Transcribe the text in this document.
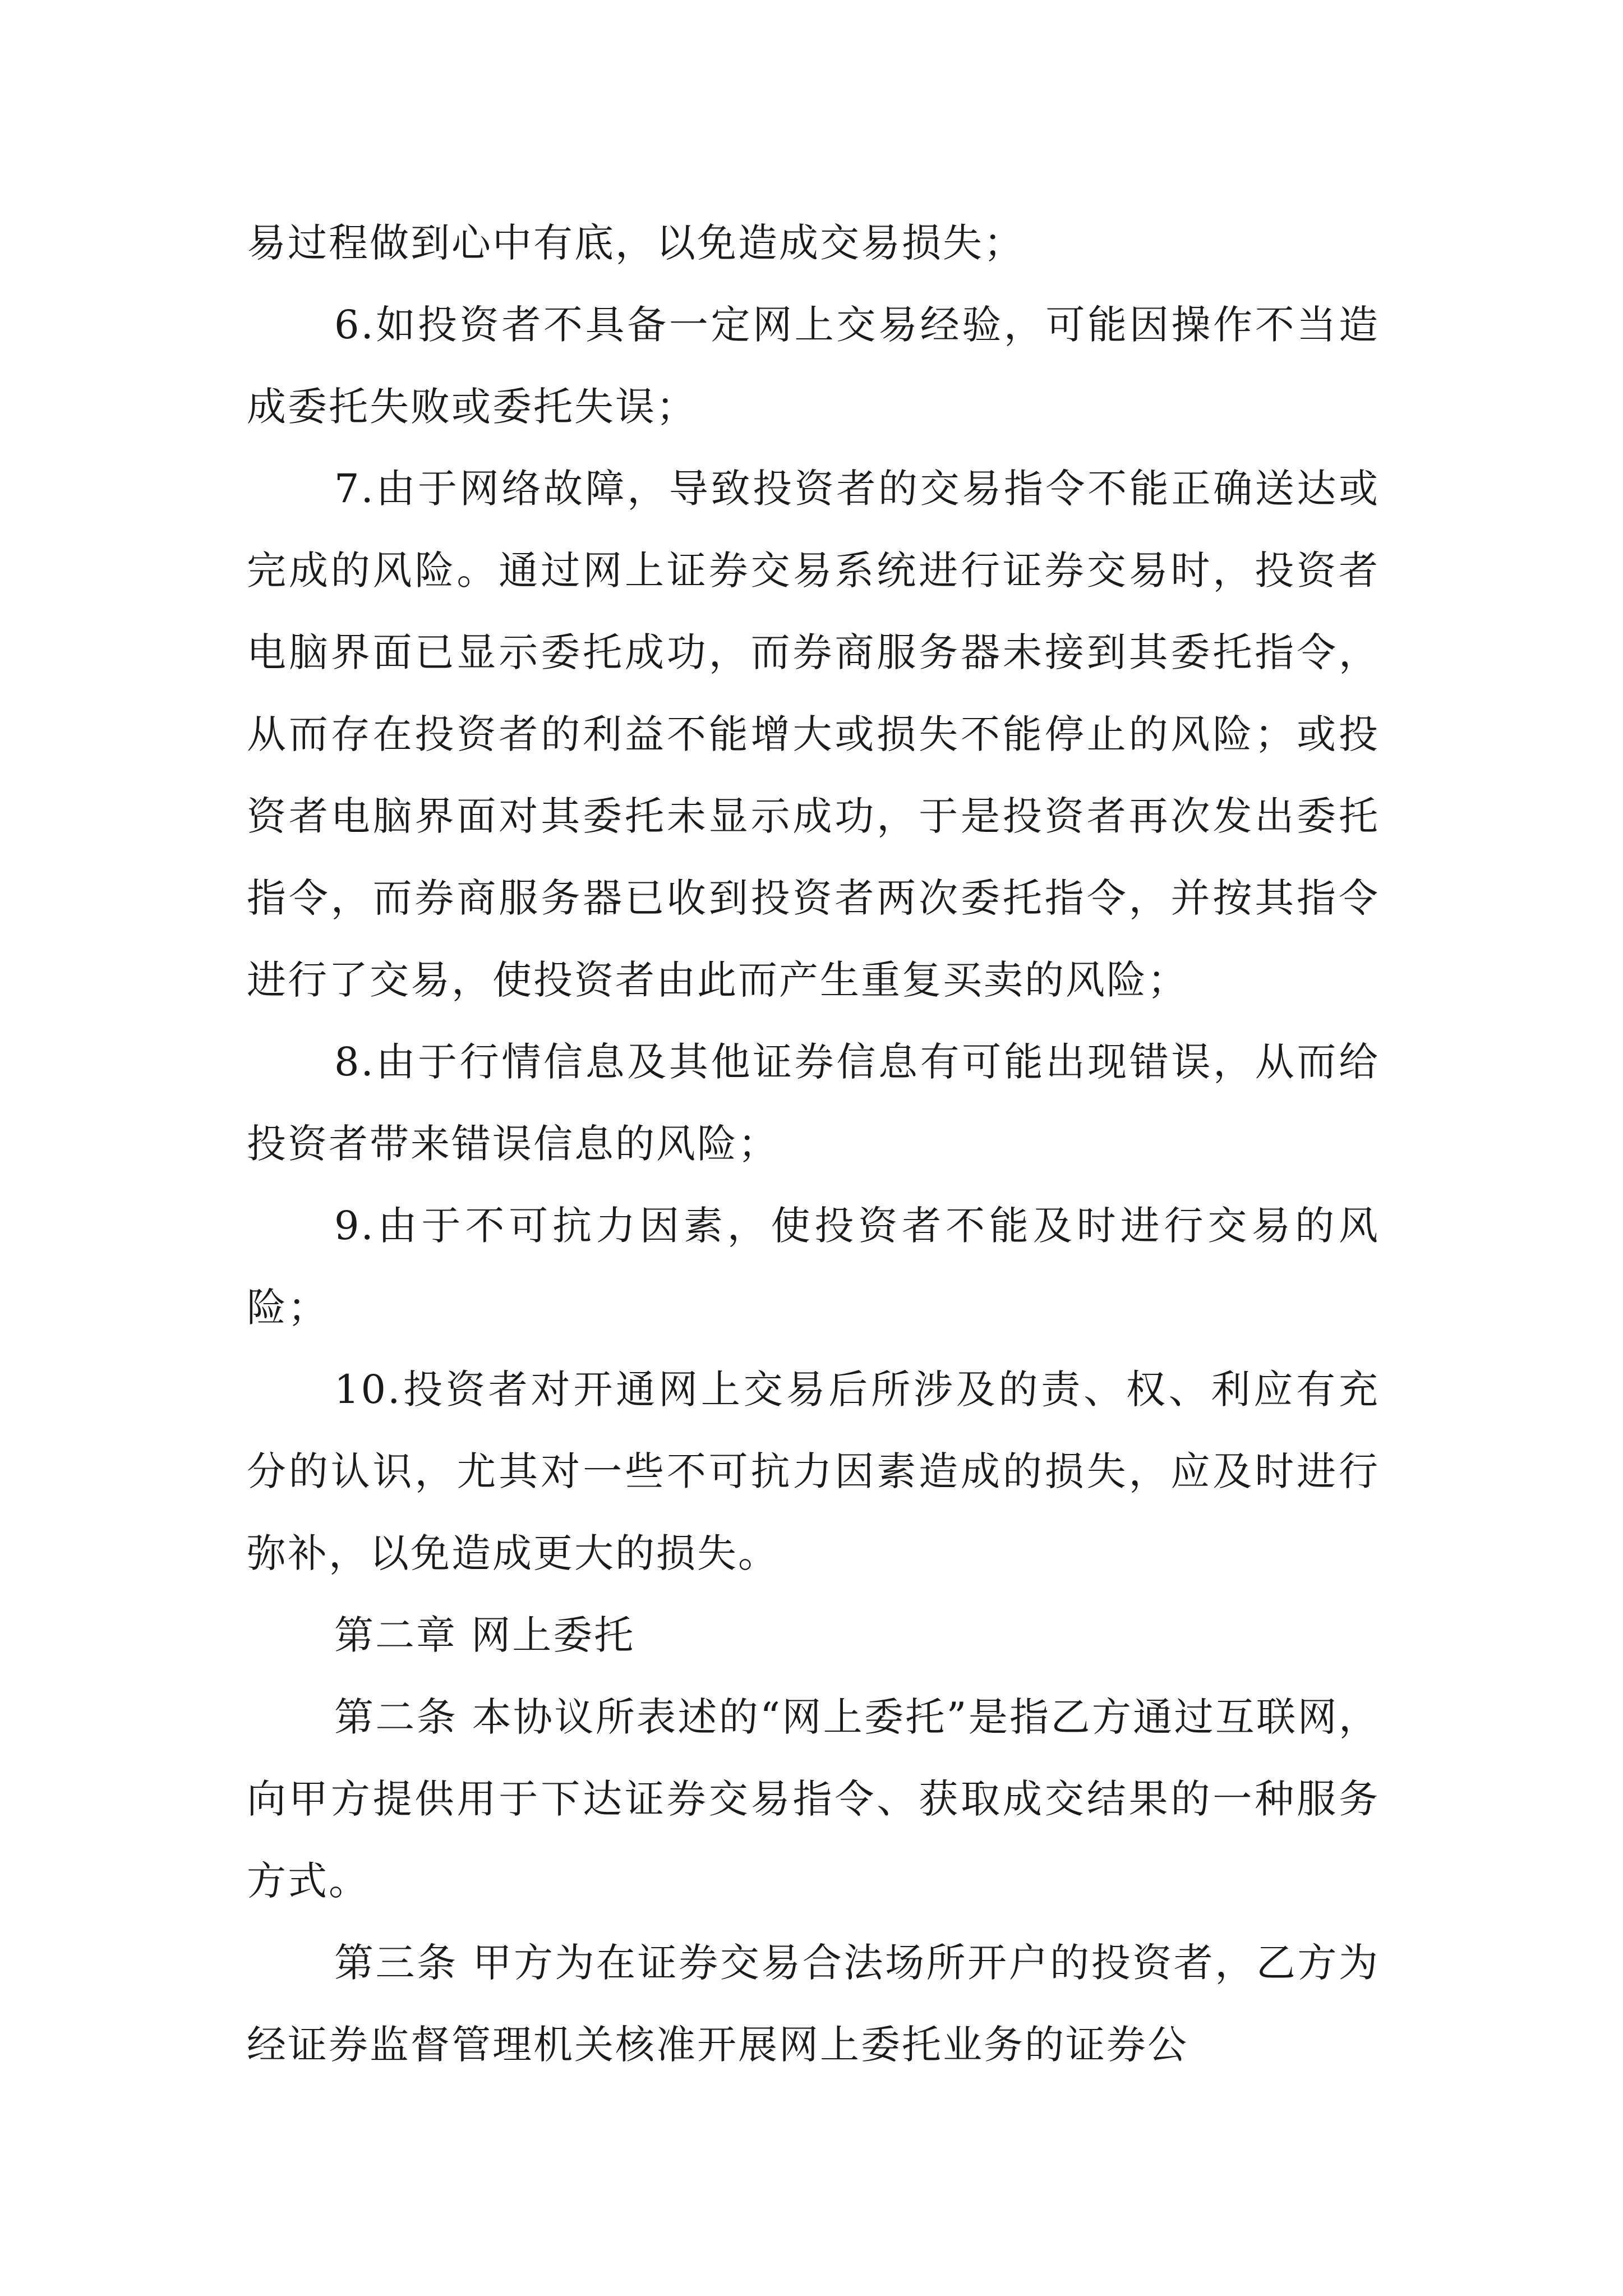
易过程做到心中有底，以免造成交易损失；

6.如投资者不具备一定网上交易经验，可能因操作不当造成委托失败或委托失误；

7.由于网络故障，导致投资者的交易指令不能正确送达或完成的风险。通过网上证券交易系统进行证券交易时，投资者电脑界面已显示委托成功，而券商服务器未接到其委托指令，从而存在投资者的利益不能增大或损失不能停止的风险；或投资者电脑界面对其委托未显示成功，于是投资者再次发出委托指令，而券商服务器已收到投资者两次委托指令，并按其指令进行了交易，使投资者由此而产生重复买卖的风险；

8.由于行情信息及其他证券信息有可能出现错误，从而给投资者带来错误信息的风险；

9.由于不可抗力因素，使投资者不能及时进行交易的风险；

10.投资者对开通网上交易后所涉及的责、权、利应有充分的认识，尤其对一些不可抗力因素造成的损失，应及时进行弥补，以免造成更大的损失。

第二章 网上委托

第二条 本协议所表述的“网上委托”是指乙方通过互联网，向甲方提供用于下达证券交易指令、获取成交结果的一种服务方式。

第三条 甲方为在证券交易合法场所开户的投资者，乙方为经证券监督管理机关核准开展网上委托业务的证券公
